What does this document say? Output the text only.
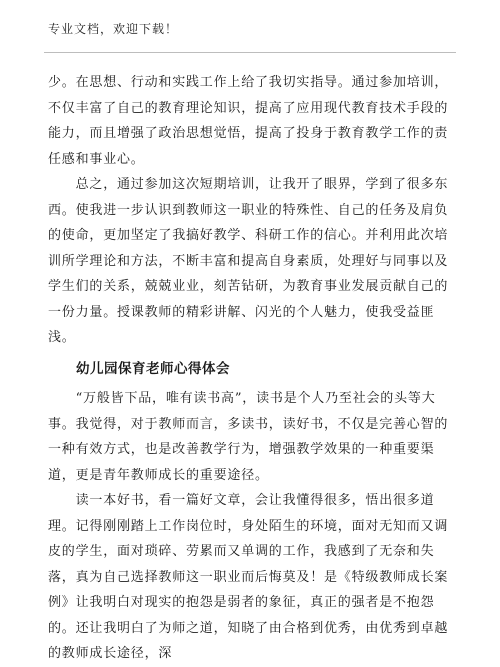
专业文档，欢迎下载！

少。在思想、行动和实践工作上给了我切实指导。通过参加培训，不仅丰富了自己的教育理论知识，提高了应用现代教育技术手段的能力，而且增强了政治思想觉悟，提高了投身于教育教学工作的责任感和事业心。

　　总之，通过参加这次短期培训，让我开了眼界，学到了很多东西。使我进一步认识到教师这一职业的特殊性、自己的任务及肩负的使命，更加坚定了我搞好教学、科研工作的信心。并利用此次培训所学理论和方法，不断丰富和提高自身素质，处理好与同事以及学生们的关系，兢兢业业，刻苦钻研，为教育事业发展贡献自己的一份力量。授课教师的精彩讲解、闪光的个人魅力，使我受益匪浅。

幼儿园保育老师心得体会

　　“万般皆下品，唯有读书高”，读书是个人乃至社会的头等大事。我觉得，对于教师而言，多读书，读好书，不仅是完善心智的一种有效方式，也是改善教学行为，增强教学效果的一种重要渠道，更是青年教师成长的重要途径。

　　读一本好书，看一篇好文章，会让我懂得很多，悟出很多道理。记得刚刚踏上工作岗位时，身处陌生的环境，面对无知而又调皮的学生，面对琐碎、劳累而又单调的工作，我感到了无奈和失落，真为自己选择教师这一职业而后悔莫及！是《特级教师成长案例》让我明白对现实的抱怨是弱者的象征，真正的强者是不抱怨的。还让我明白了为师之道，知晓了由合格到优秀，由优秀到卓越的教师成长途径，深
